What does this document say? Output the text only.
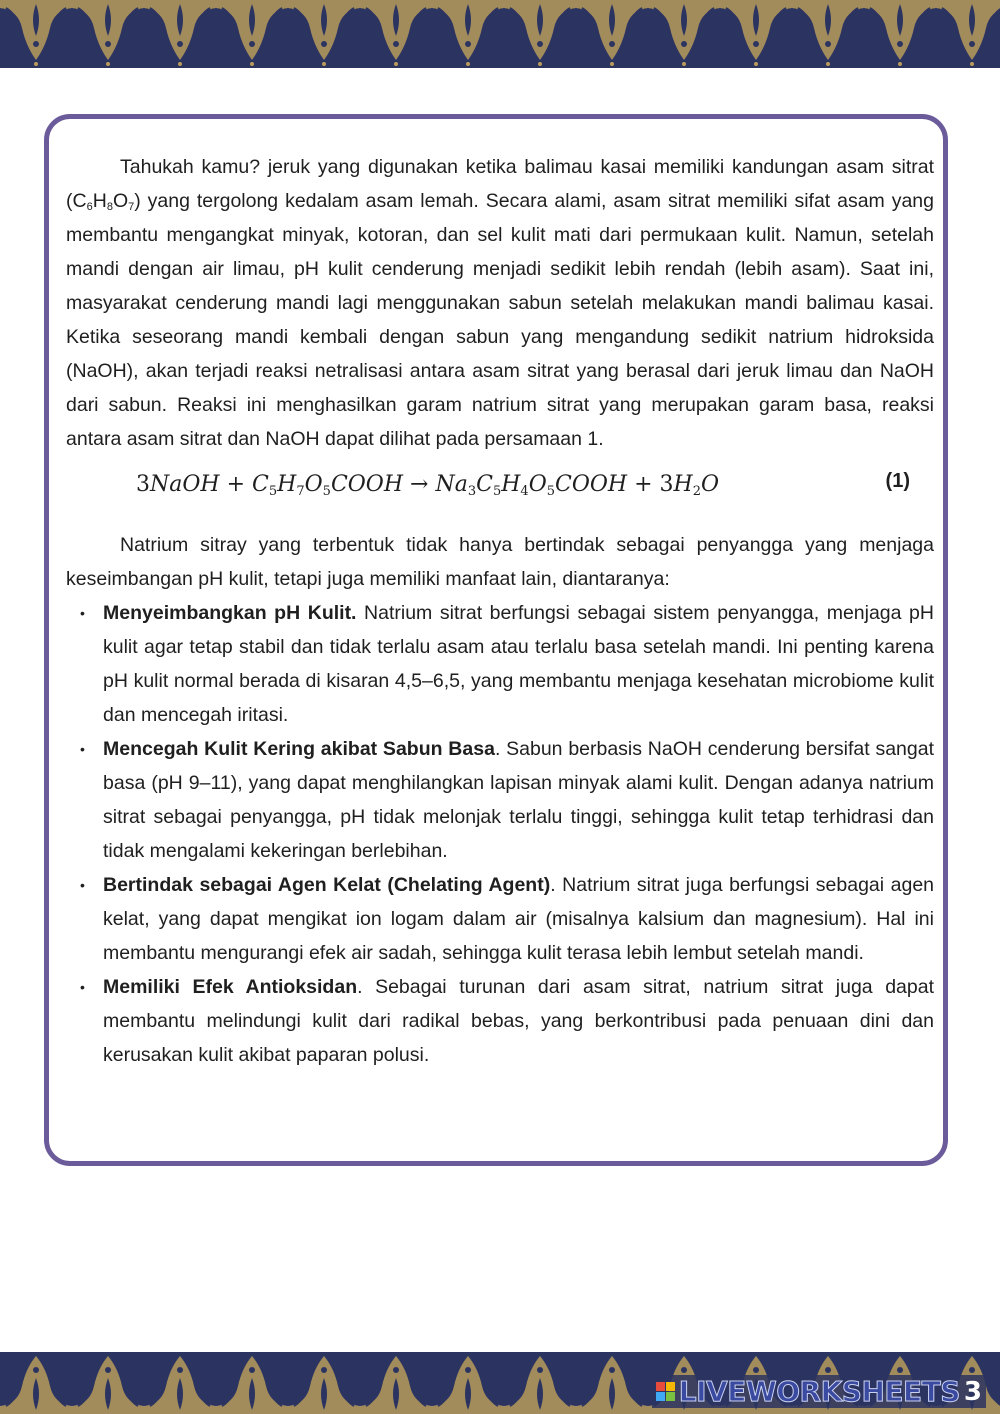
Tahukah kamu? jeruk yang digunakan ketika balimau kasai memiliki kandungan asam sitrat $(C_6H_8O_7)$ yang tergolong kedalam asam lemah. Secara alami, asam sitrat memiliki sifat asam yang membantu mengangkat minyak, kotoran, dan sel kulit mati dari permukaan kulit. Namun, setelah mandi dengan air limau, pH kulit cenderung menjadi sedikit lebih rendah (lebih asam). Saat ini, masyarakat cenderung mandi lagi menggunakan sabun setelah melakukan mandi balimau kasai. Ketika seseorang mandi kembali dengan sabun yang mengandung sedikit natrium hidroksida (NaOH), akan terjadi reaksi netralisasi antara asam sitrat yang berasal dari jeruk limau dan NaOH dari sabun. Reaksi ini menghasilkan garam natrium sitrat yang merupakan garam basa, reaksi antara asam sitrat dan NaOH dapat dilihat pada persamaan 1.

3NaOH + $C_5H_7O_5COOH$ → $Na_3C_5H_4O_5COOH + 3H_2O$	(1)

Natrium sitray yang terbentuk tidak hanya bertindak sebagai penyangga yang menjaga keseimbangan pH kulit, tetapi juga memiliki manfaat lain, diantaranya:

• Menyeimbangkan pH Kulit. Natrium sitrat berfungsi sebagai sistem penyangga, menjaga pH kulit agar tetap stabil dan tidak terlalu asam atau terlalu basa setelah mandi. Ini penting karena pH kulit normal berada di kisaran 4,5–6,5, yang membantu menjaga kesehatan microbiome kulit dan mencegah iritasi.
• Mencegah Kulit Kering akibat Sabun Basa. Sabun berbasis NaOH cenderung bersifat sangat basa (pH 9–11), yang dapat menghilangkan lapisan minyak alami kulit. Dengan adanya natrium sitrat sebagai penyangga, pH tidak melonjak terlalu tinggi, sehingga kulit tetap terhidrasi dan tidak mengalami kekeringan berlebihan.
• Bertindak sebagai Agen Kelat (Chelating Agent). Natrium sitrat juga berfungsi sebagai agen kelat, yang dapat mengikat ion logam dalam air (misalnya kalsium dan magnesium). Hal ini membantu mengurangi efek air sadah, sehingga kulit terasa lebih lembut setelah mandi.
• Memiliki Efek Antioksidan. Sebagai turunan dari asam sitrat, natrium sitrat juga dapat membantu melindungi kulit dari radikal bebas, yang berkontribusi pada penuaan dini dan kerusakan kulit akibat paparan polusi.
LIVEWORKSHEETS 3
